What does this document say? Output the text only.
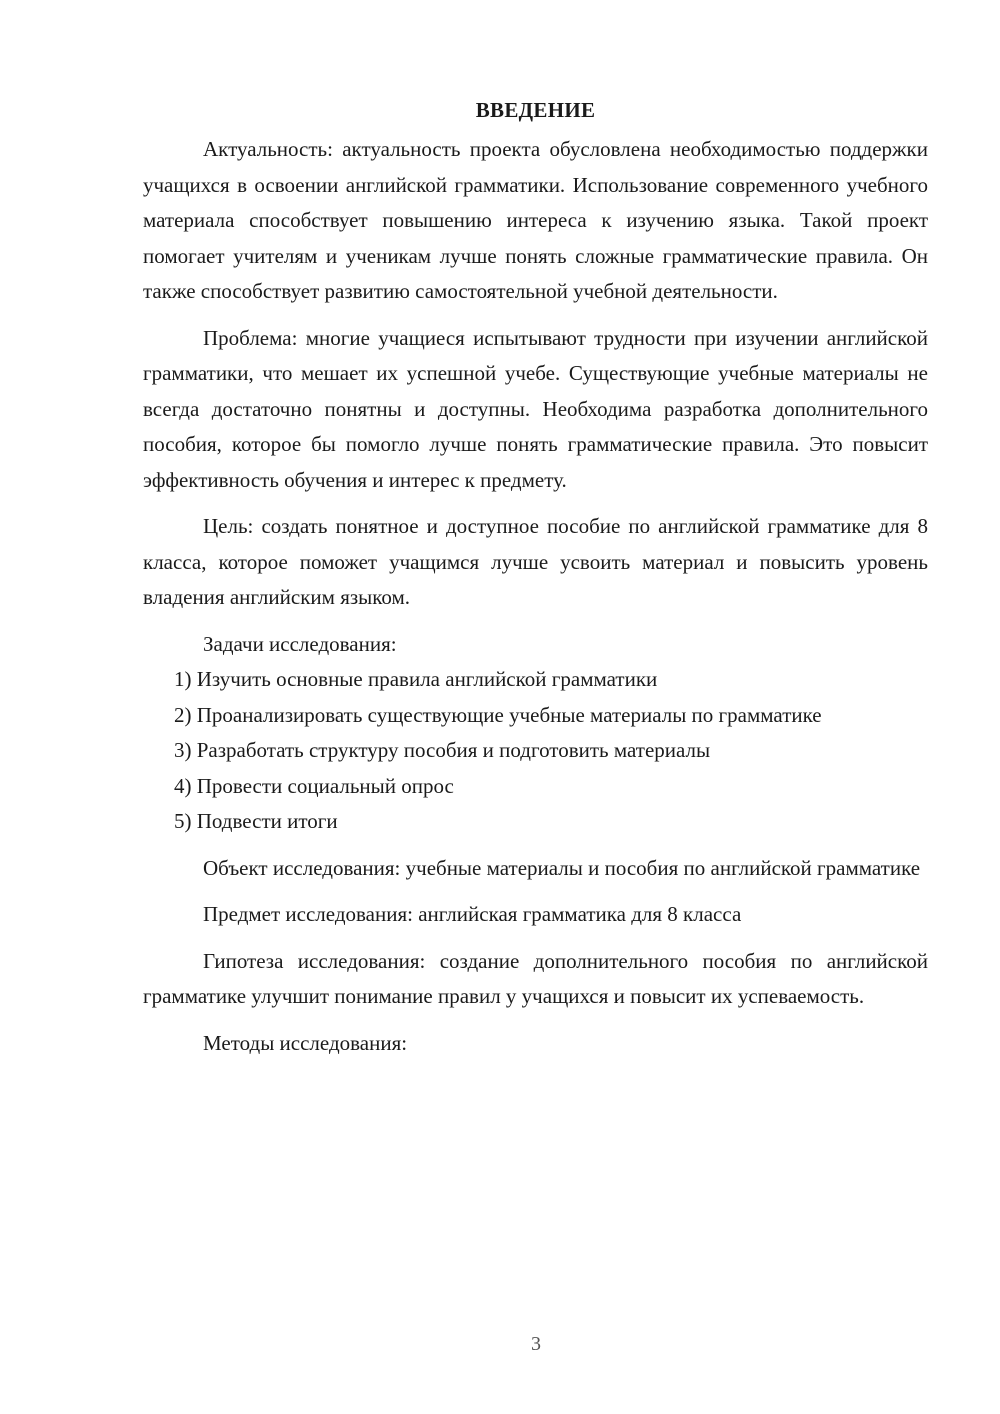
ВВЕДЕНИЕ

Актуальность: актуальность проекта обусловлена необходимостью поддержки учащихся в освоении английской грамматики. Использование современного учебного материала способствует повышению интереса к изучению языка. Такой проект помогает учителям и ученикам лучше понять сложные грамматические правила. Он также способствует развитию самостоятельной учебной деятельности.

Проблема: многие учащиеся испытывают трудности при изучении английской грамматики, что мешает их успешной учебе. Существующие учебные материалы не всегда достаточно понятны и доступны. Необходима разработка дополнительного пособия, которое бы помогло лучше понять грамматические правила. Это повысит эффективность обучения и интерес к предмету.

Цель: создать понятное и доступное пособие по английской грамматике для 8 класса, которое поможет учащимся лучше усвоить материал и повысить уровень владения английским языком.

Задачи исследования:

1) Изучить основные правила английской грамматики

2) Проанализировать существующие учебные материалы по грамматике

3) Разработать структуру пособия и подготовить материалы

4) Провести социальный опрос

5) Подвести итоги

Объект исследования: учебные материалы и пособия по английской грамматике

Предмет исследования: английская грамматика для 8 класса

Гипотеза исследования: создание дополнительного пособия по английской грамматике улучшит понимание правил у учащихся и повысит их успеваемость.

Методы исследования:

3
